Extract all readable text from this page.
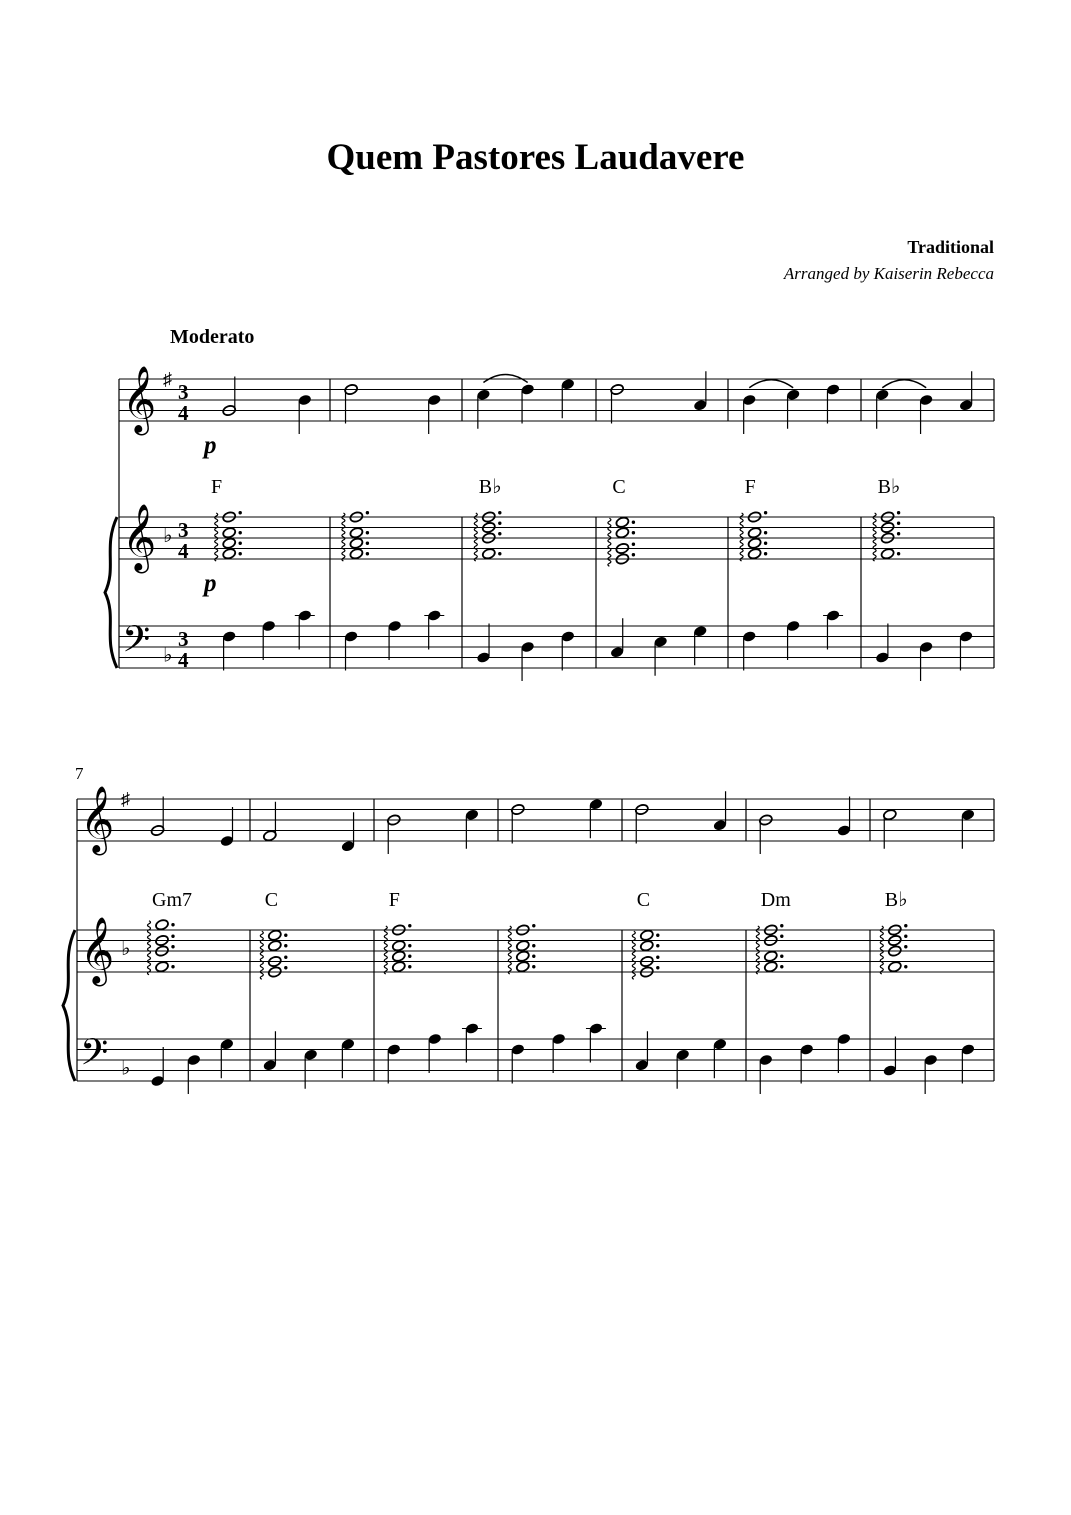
Quem Pastores Laudavere
Traditional
Arranged by Kaiserin Rebecca
Moderato
𝄞
𝄞
𝄢
♯
♭
♭
3
4
3
4
3
4
F	B♭	C	F	B♭
p
p
𝄞
𝄞
𝄢
♯
♭
♭
7
Gm7	C	F	C	Dm	B♭
